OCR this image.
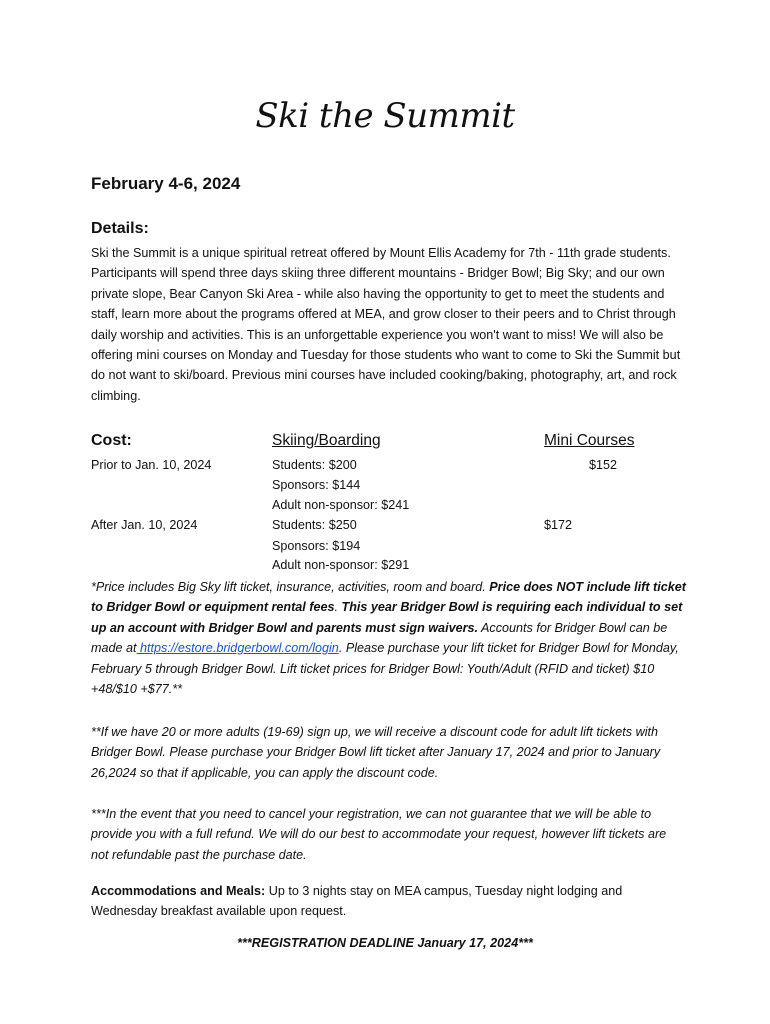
Ski the Summit
February 4-6, 2024
Details:
Ski the Summit is a unique spiritual retreat offered by Mount Ellis Academy for 7th - 11th grade students. Participants will spend three days skiing three different mountains - Bridger Bowl; Big Sky; and our own private slope, Bear Canyon Ski Area - while also having the opportunity to get to meet the students and staff, learn more about the programs offered at MEA, and grow closer to their peers and to Christ through daily worship and activities. This is an unforgettable experience you won't want to miss! We will also be offering mini courses on Monday and Tuesday for those students who want to come to Ski the Summit but do not want to ski/board. Previous mini courses have included cooking/baking, photography, art, and rock climbing.
Cost:	Skiing/Boarding	Mini Courses
Prior to Jan. 10, 2024	Students: $200	$152
Sponsors: $144
Adult non-sponsor: $241
After Jan. 10, 2024	Students: $250	$172
Sponsors: $194
Adult non-sponsor: $291
*Price includes Big Sky lift ticket, insurance, activities, room and board. Price does NOT include lift ticket to Bridger Bowl or equipment rental fees. This year Bridger Bowl is requiring each individual to set up an account with Bridger Bowl and parents must sign waivers. Accounts for Bridger Bowl can be made at https://estore.bridgerbowl.com/login. Please purchase your lift ticket for Bridger Bowl for Monday, February 5 through Bridger Bowl. Lift ticket prices for Bridger Bowl: Youth/Adult (RFID and ticket) $10 +48/$10 +$77.**
**If we have 20 or more adults (19-69) sign up, we will receive a discount code for adult lift tickets with Bridger Bowl. Please purchase your Bridger Bowl lift ticket after January 17, 2024 and prior to January 26,2024 so that if applicable, you can apply the discount code.
***In the event that you need to cancel your registration, we can not guarantee that we will be able to provide you with a full refund. We will do our best to accommodate your request, however lift tickets are not refundable past the purchase date.
Accommodations and Meals: Up to 3 nights stay on MEA campus, Tuesday night lodging and Wednesday breakfast available upon request.
***REGISTRATION DEADLINE January 17, 2024***
